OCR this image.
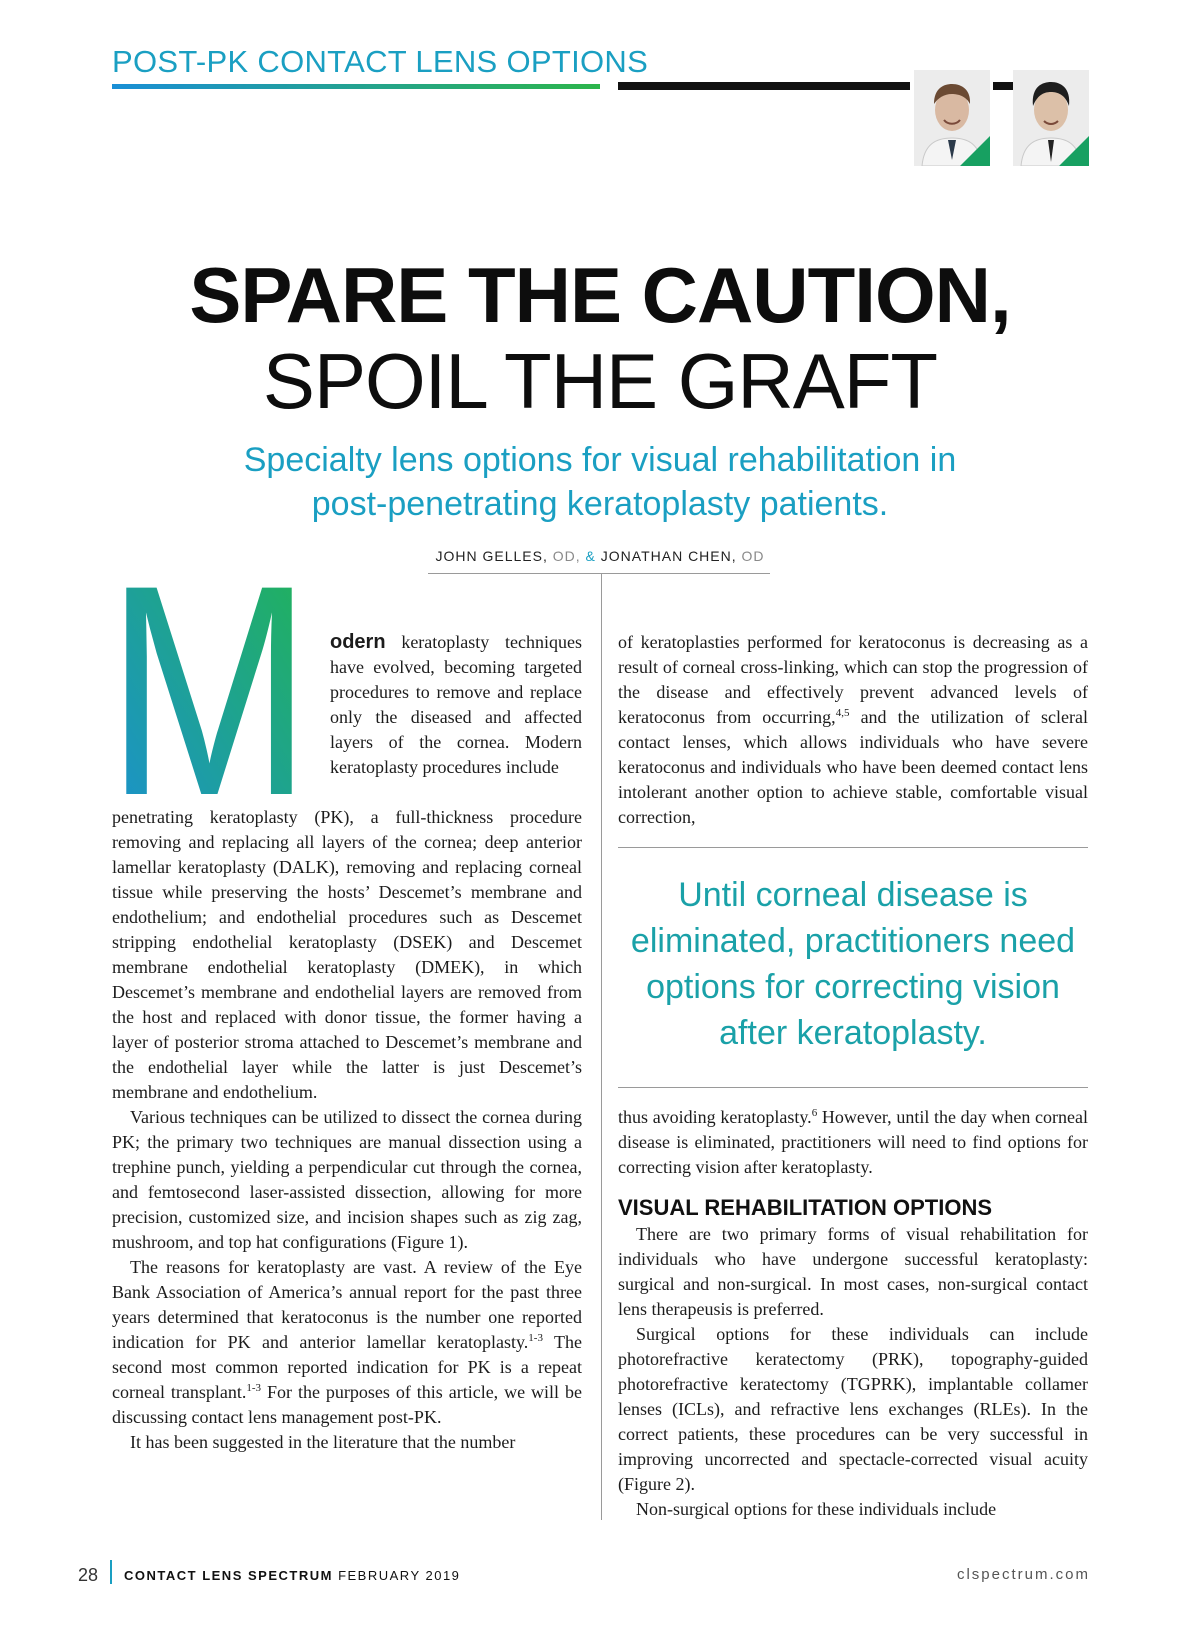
POST-PK CONTACT LENS OPTIONS
SPARE THE CAUTION,
SPOIL THE GRAFT
Specialty lens options for visual rehabilitation in
post-penetrating keratoplasty patients.
JOHN GELLES, OD, & JONATHAN CHEN, OD
M odern keratoplasty techniques have evolved, becoming targeted procedures to remove and replace only the diseased and affected layers of the cornea. Modern keratoplasty procedures include

penetrating keratoplasty (PK), a full-thickness procedure removing and replacing all layers of the cornea; deep anterior lamellar keratoplasty (DALK), removing and replacing corneal tissue while preserving the hosts’ Descemet’s membrane and endothelium; and endothelial procedures such as Descemet stripping endothelial keratoplasty (DSEK) and Descemet membrane endothelial keratoplasty (DMEK), in which Descemet’s membrane and endothelial layers are removed from the host and replaced with donor tissue, the former having a layer of posterior stroma attached to Descemet’s membrane and the endothelial layer while the latter is just Descemet’s membrane and endothelium.

Various techniques can be utilized to dissect the cornea during PK; the primary two techniques are manual dissection using a trephine punch, yielding a perpendicular cut through the cornea, and femtosecond laser-assisted dissection, allowing for more precision, customized size, and incision shapes such as zig zag, mushroom, and top hat configurations (Figure 1).

The reasons for keratoplasty are vast. A review of the Eye Bank Association of America’s annual report for the past three years determined that keratoconus is the number one reported indication for PK and anterior lamellar keratoplasty.$^{1-3}$ The second most common reported indication for PK is a repeat corneal transplant.$^{1-3}$ For the purposes of this article, we will be discussing contact lens management post-PK.

It has been suggested in the literature that the number

of keratoplasties performed for keratoconus is decreasing as a result of corneal cross-linking, which can stop the progression of the disease and effectively prevent advanced levels of keratoconus from occurring,$^{4,5}$ and the utilization of scleral contact lenses, which allows individuals who have severe keratoconus and individuals who have been deemed contact lens intolerant another option to achieve stable, comfortable visual correction,

Until corneal disease is eliminated, practitioners need options for correcting vision after keratoplasty.

thus avoiding keratoplasty.$^6$ However, until the day when corneal disease is eliminated, practitioners will need to find options for correcting vision after keratoplasty.

VISUAL REHABILITATION OPTIONS

There are two primary forms of visual rehabilitation for individuals who have undergone successful keratoplasty: surgical and non-surgical. In most cases, non-surgical contact lens therapeusis is preferred.

Surgical options for these individuals can include photorefractive keratectomy (PRK), topography-guided photorefractive keratectomy (TGPRK), implantable collamer lenses (ICLs), and refractive lens exchanges (RLEs). In the correct patients, these procedures can be very successful in improving uncorrected and spectacle-corrected visual acuity (Figure 2).

Non-surgical options for these individuals include

28 CONTACT LENS SPECTRUM FEBRUARY 2019	clspectrum.com
